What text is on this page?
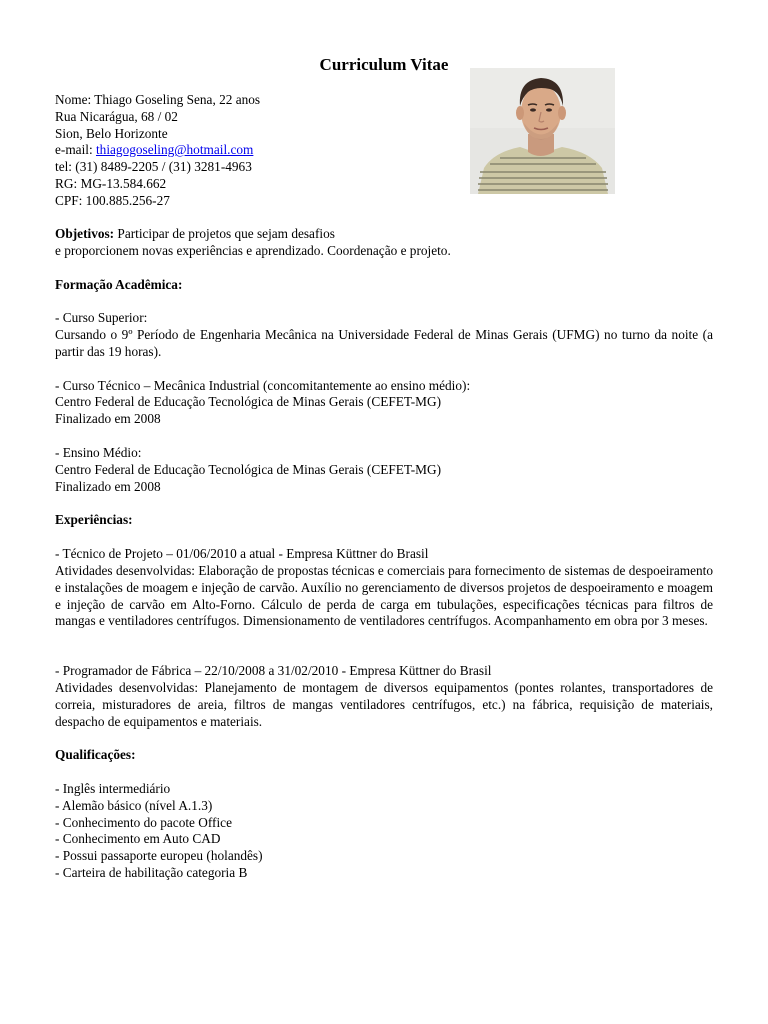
Curriculum Vitae
Nome: Thiago Goseling Sena, 22 anos
Rua Nicarágua, 68 / 02
Sion, Belo Horizonte
e-mail: thiagogoseling@hotmail.com
tel: (31) 8489-2205 / (31) 3281-4963
RG: MG-13.584.662
CPF: 100.885.256-27
Objetivos: Participar de projetos que sejam desafios
e proporcionem novas experiências e aprendizado. Coordenação e projeto.
Formação Acadêmica:
- Curso Superior:
Cursando o 9º Período de Engenharia Mecânica na Universidade Federal de Minas Gerais (UFMG) no turno da noite (a partir das 19 horas).
- Curso Técnico – Mecânica Industrial (concomitantemente ao ensino médio):
Centro Federal de Educação Tecnológica de Minas Gerais (CEFET-MG)
Finalizado em 2008
- Ensino Médio:
Centro Federal de Educação Tecnológica de Minas Gerais (CEFET-MG)
Finalizado em 2008
Experiências:
- Técnico de Projeto – 01/06/2010 a atual - Empresa Küttner do Brasil
Atividades desenvolvidas: Elaboração de propostas técnicas e comerciais para fornecimento de sistemas de despoeiramento e instalações de moagem e injeção de carvão. Auxílio no gerenciamento de diversos projetos de despoeiramento e moagem e injeção de carvão em Alto-Forno. Cálculo de perda de carga em tubulações, especificações técnicas para filtros de mangas e ventiladores centrífugos. Dimensionamento de ventiladores centrífugos. Acompanhamento em obra por 3 meses.
- Programador de Fábrica – 22/10/2008 a 31/02/2010 - Empresa Küttner do Brasil
Atividades desenvolvidas: Planejamento de montagem de diversos equipamentos (pontes rolantes, transportadores de correia, misturadores de areia, filtros de mangas ventiladores centrífugos, etc.) na fábrica, requisição de materiais, despacho de equipamentos e materiais.
Qualificações:
- Inglês intermediário
- Alemão básico (nível A.1.3)
- Conhecimento do pacote Office
- Conhecimento em Auto CAD
- Possui passaporte europeu (holandês)
- Carteira de habilitação categoria B
